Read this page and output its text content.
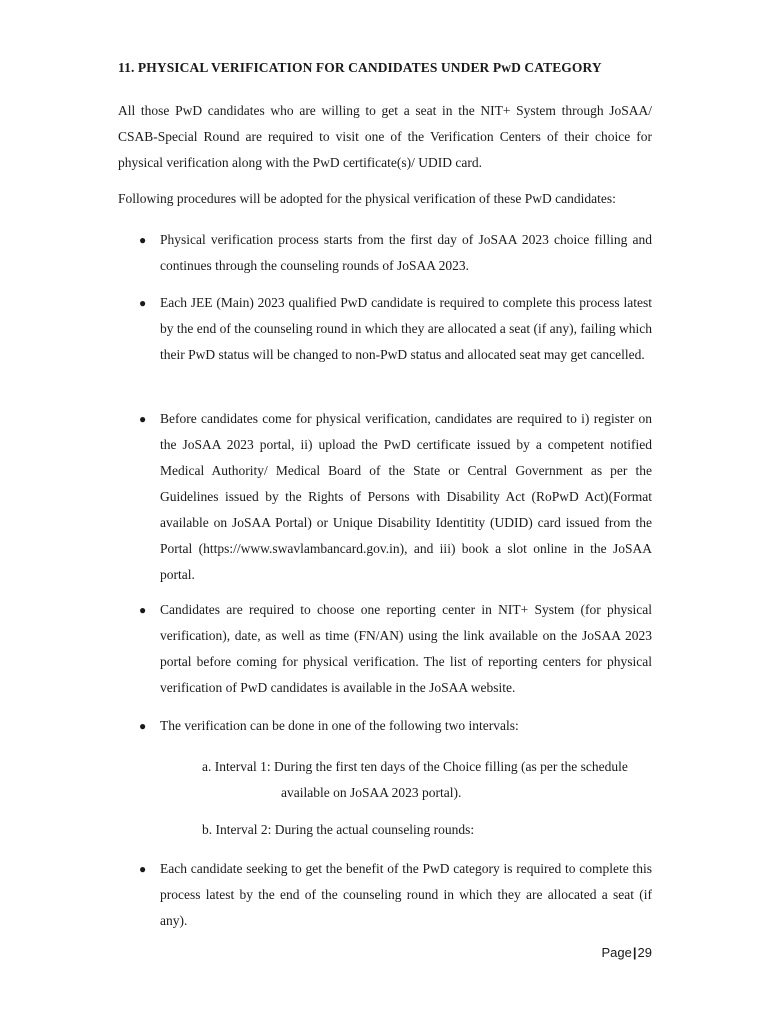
11. PHYSICAL VERIFICATION FOR CANDIDATES UNDER PwD CATEGORY
All those PwD candidates who are willing to get a seat in the NIT+ System through JoSAA/ CSAB-Special Round are required to visit one of the Verification Centers of their choice for physical verification along with the PwD certificate(s)/ UDID card.
Following procedures will be adopted for the physical verification of these PwD candidates:
● Physical verification process starts from the first day of JoSAA 2023 choice filling and continues through the counseling rounds of JoSAA 2023.
● Each JEE (Main) 2023 qualified PwD candidate is required to complete this process latest by the end of the counseling round in which they are allocated a seat (if any), failing which their PwD status will be changed to non-PwD status and allocated seat may get cancelled.
● Before candidates come for physical verification, candidates are required to i) register on the JoSAA 2023 portal, ii) upload the PwD certificate issued by a competent notified Medical Authority/ Medical Board of the State or Central Government as per the Guidelines issued by the Rights of Persons with Disability Act (RoPwD Act)(Format available on JoSAA Portal) or Unique Disability Identitity (UDID) card issued from the Portal (https://www.swavlambancard.gov.in), and iii) book a slot online in the JoSAA portal.
● Candidates are required to choose one reporting center in NIT+ System (for physical verification), date, as well as time (FN/AN) using the link available on the JoSAA 2023 portal before coming for physical verification. The list of reporting centers for physical verification of PwD candidates is available in the JoSAA website.
● The verification can be done in one of the following two intervals:
a. Interval 1: During the first ten days of the Choice filling (as per the schedule
available on JoSAA 2023 portal).
b. Interval 2: During the actual counseling rounds:
● Each candidate seeking to get the benefit of the PwD category is required to complete this process latest by the end of the counseling round in which they are allocated a seat (if any).
Page|29
